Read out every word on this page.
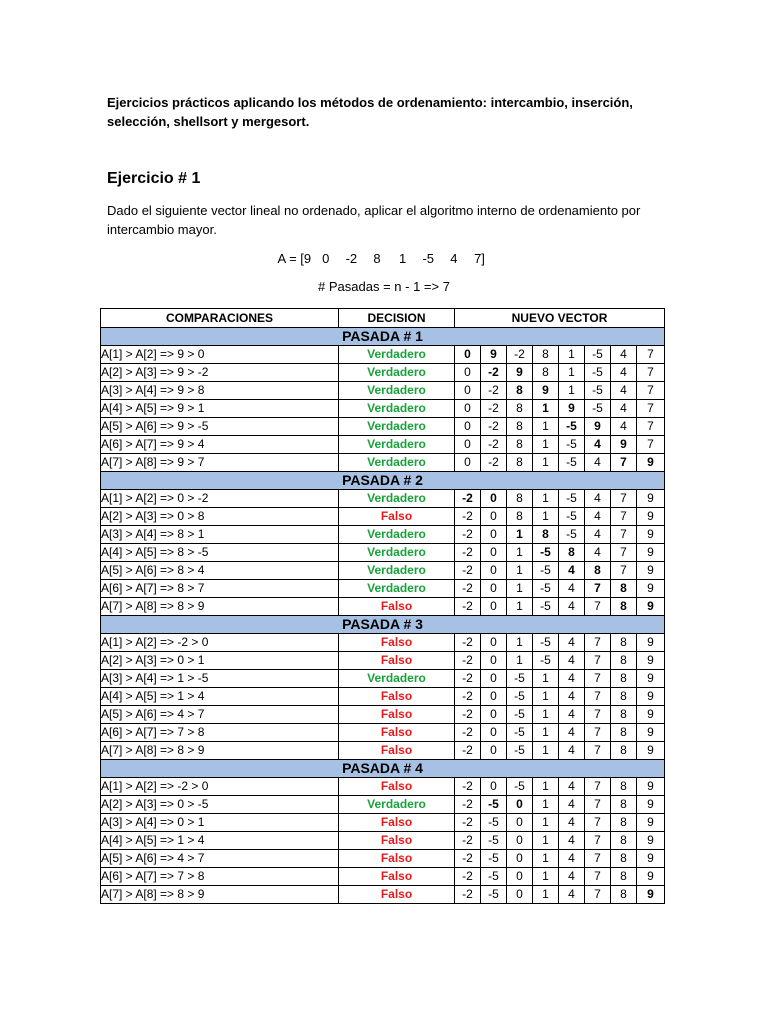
Ejercicios prácticos aplicando los métodos de ordenamiento: intercambio, inserción, selección, shellsort y mergesort.

Ejercicio # 1

Dado el siguiente vector lineal no ordenado, aplicar el algoritmo interno de ordenamiento por intercambio mayor.

A = [9 0 -2 8 1 -5 4 7]

# Pasadas = n - 1 => 7

COMPARACIONES	DECISION	NUEVO VECTOR							
PASADA # 1									
A[1] > A[2] => 9 > 0	Verdadero	0	9	-2	8	1	-5	4	7
A[2] > A[3] => 9 > -2	Verdadero	0	-2	9	8	1	-5	4	7
A[3] > A[4] => 9 > 8	Verdadero	0	-2	8	9	1	-5	4	7
A[4] > A[5] => 9 > 1	Verdadero	0	-2	8	1	9	-5	4	7
A[5] > A[6] => 9 > -5	Verdadero	0	-2	8	1	-5	9	4	7
A[6] > A[7] => 9 > 4	Verdadero	0	-2	8	1	-5	4	9	7
A[7] > A[8] => 9 > 7	Verdadero	0	-2	8	1	-5	4	7	9
PASADA # 2									
A[1] > A[2] => 0 > -2	Verdadero	-2	0	8	1	-5	4	7	9
A[2] > A[3] => 0 > 8	Falso	-2	0	8	1	-5	4	7	9
A[3] > A[4] => 8 > 1	Verdadero	-2	0	1	8	-5	4	7	9
A[4] > A[5] => 8 > -5	Verdadero	-2	0	1	-5	8	4	7	9
A[5] > A[6] => 8 > 4	Verdadero	-2	0	1	-5	4	8	7	9
A[6] > A[7] => 8 > 7	Verdadero	-2	0	1	-5	4	7	8	9
A[7] > A[8] => 8 > 9	Falso	-2	0	1	-5	4	7	8	9
PASADA # 3									
A[1] > A[2] => -2 > 0	Falso	-2	0	1	-5	4	7	8	9
A[2] > A[3] => 0 > 1	Falso	-2	0	1	-5	4	7	8	9
A[3] > A[4] => 1 > -5	Verdadero	-2	0	-5	1	4	7	8	9
A[4] > A[5] => 1 > 4	Falso	-2	0	-5	1	4	7	8	9
A[5] > A[6] => 4 > 7	Falso	-2	0	-5	1	4	7	8	9
A[6] > A[7] => 7 > 8	Falso	-2	0	-5	1	4	7	8	9
A[7] > A[8] => 8 > 9	Falso	-2	0	-5	1	4	7	8	9
PASADA # 4									
A[1] > A[2] => -2 > 0	Falso	-2	0	-5	1	4	7	8	9
A[2] > A[3] => 0 > -5	Verdadero	-2	-5	0	1	4	7	8	9
A[3] > A[4] => 0 > 1	Falso	-2	-5	0	1	4	7	8	9
A[4] > A[5] => 1 > 4	Falso	-2	-5	0	1	4	7	8	9
A[5] > A[6] => 4 > 7	Falso	-2	-5	0	1	4	7	8	9
A[6] > A[7] => 7 > 8	Falso	-2	-5	0	1	4	7	8	9
A[7] > A[8] => 8 > 9	Falso	-2	-5	0	1	4	7	8	9
